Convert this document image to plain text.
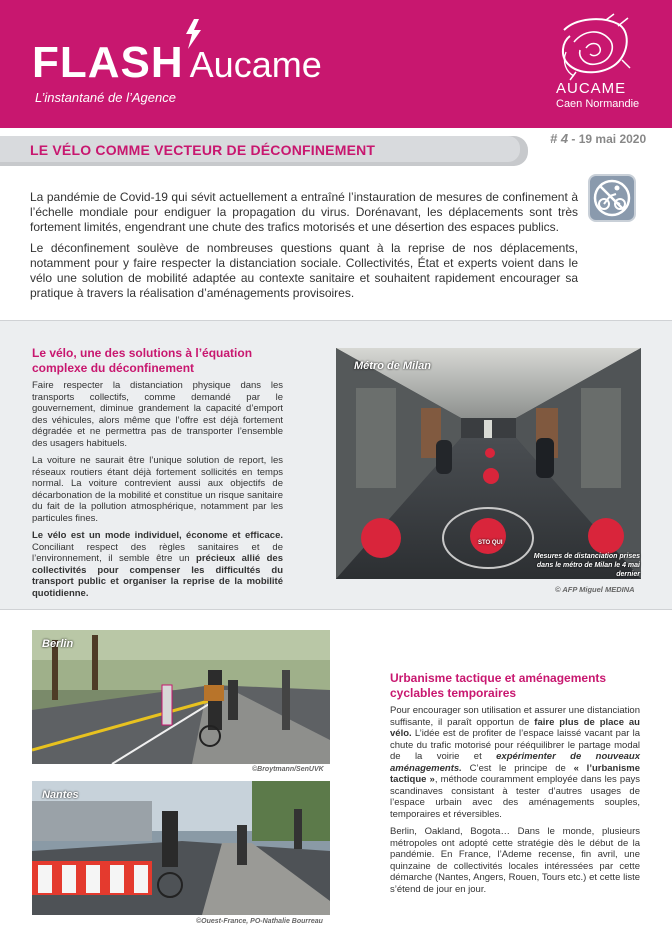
FLASH Aucame
L’instantané de l’Agence
AUCAME
Caen Normandie
LE VÉLO COMME VECTEUR DE DÉCONFINEMENT
# 4 - 19 mai 2020

La pandémie de Covid-19 qui sévit actuellement a entraîné l’instauration de mesures de confinement à l’échelle mondiale pour endiguer la propagation du virus. Dorénavant, les déplacements sont très fortement limités, engendrant une chute des trafics motorisés et une désertion des espaces publics.

Le déconfinement soulève de nombreuses questions quant à la reprise de nos déplacements, notamment pour y faire respecter la distanciation sociale. Collectivités, État et experts voient dans le vélo une solution de mobilité adaptée au contexte sanitaire et souhaitent rapidement encourager sa pratique à travers la réalisation d’aménagements provisoires.

Le vélo, une des solutions à l’équation complexe du déconfinement

Faire respecter la distanciation physique dans les transports collectifs, comme demandé par le gouvernement, diminue grandement la capacité d’emport des véhicules, alors même que l’offre est déjà fortement dégradée et ne permettra pas de transporter l’ensemble des usagers habituels.

La voiture ne saurait être l’unique solution de report, les réseaux routiers étant déjà fortement sollicités en temps normal. La voiture contrevient aussi aux objectifs de décarbonation de la mobilité et constitue un risque sanitaire du fait de la pollution atmosphérique, notamment par les particules fines.

Le vélo est un mode individuel, économe et efficace. Conciliant respect des règles sanitaires et de l’environnement, il semble être un précieux allié des collectivités pour compenser les difficultés du transport public et organiser la reprise de la mobilité quotidienne.

Métro de Milan
STO QUI
Mesures de distanciation prises dans le métro de Milan le 4 mai dernier
© AFP Miguel MEDINA
Berlin
©Broytmann/SenUVK
Nantes
©Ouest-France, PO-Nathalie Bourreau
Urbanisme tactique et aménagements cyclables temporaires

Pour encourager son utilisation et assurer une distanciation suffisante, il paraît opportun de faire plus de place au vélo. L’idée est de profiter de l’espace laissé vacant par la chute du trafic motorisé pour rééquilibrer le partage modal de la voirie et expérimenter de nouveaux aménagements. C’est le principe de « l’urbanisme tactique », méthode couramment employée dans les pays scandinaves consistant à tester d’autres usages de l’espace urbain avec des aménagements souples, temporaires et réversibles.

Berlin, Oakland, Bogota… Dans le monde, plusieurs métropoles ont adopté cette stratégie dès le début de la pandémie. En France, l’Ademe recense, fin avril, une quinzaine de collectivités locales intéressées par cette démarche (Nantes, Angers, Rouen, Tours etc.) et cette liste s’étend de jour en jour.
